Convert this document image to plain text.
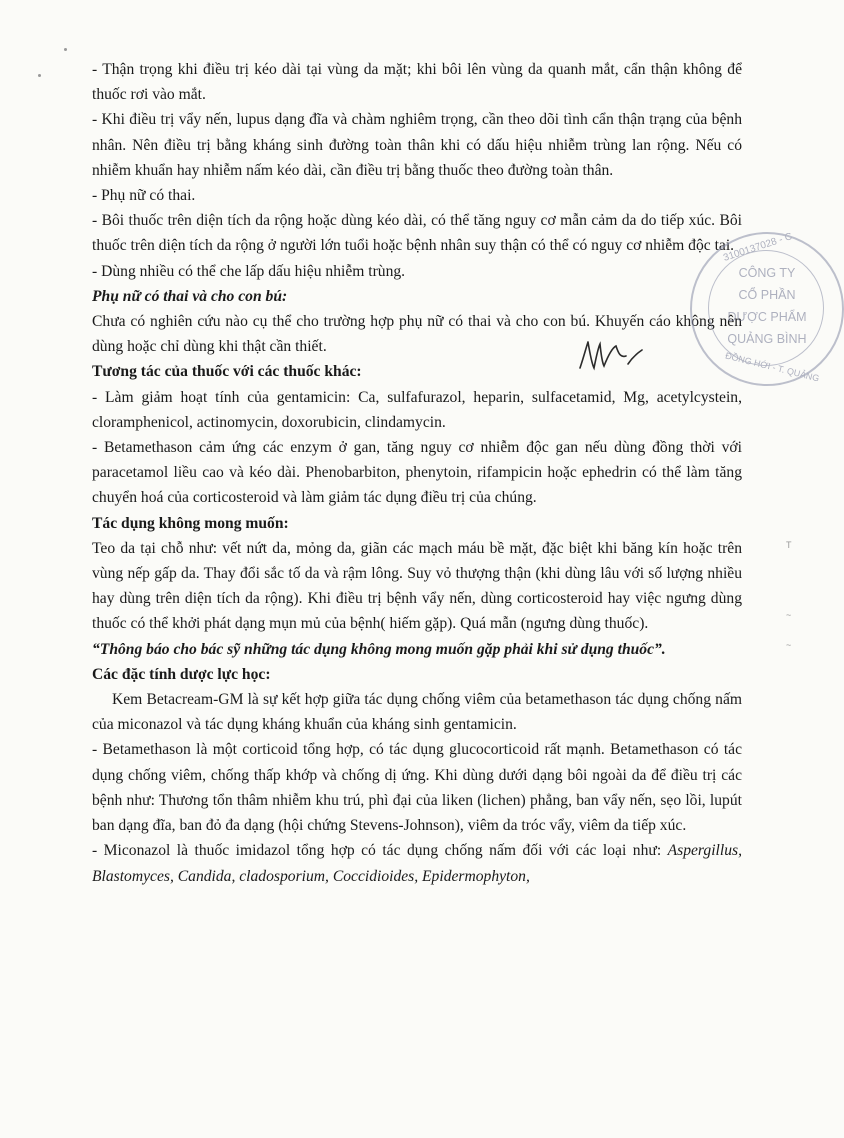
- Thận trọng khi điều trị kéo dài tại vùng da mặt; khi bôi lên vùng da quanh mắt, cẩn thận không để thuốc rơi vào mắt.

- Khi điều trị vẩy nến, lupus dạng đĩa và chàm nghiêm trọng, cần theo dõi tình cẩn thận trạng của bệnh nhân. Nên điều trị bằng kháng sinh đường toàn thân khi có dấu hiệu nhiễm trùng lan rộng. Nếu có nhiễm khuẩn hay nhiễm nấm kéo dài, cần điều trị bằng thuốc theo đường toàn thân.

- Phụ nữ có thai.

- Bôi thuốc trên diện tích da rộng hoặc dùng kéo dài, có thể tăng nguy cơ mẫn cảm da do tiếp xúc. Bôi thuốc trên diện tích da rộng ở người lớn tuổi hoặc bệnh nhân suy thận có thể có nguy cơ nhiễm độc tai.

- Dùng nhiều có thể che lấp dấu hiệu nhiễm trùng.

Phụ nữ có thai và cho con bú:

Chưa có nghiên cứu nào cụ thể cho trường hợp phụ nữ có thai và cho con bú. Khuyến cáo không nên dùng hoặc chỉ dùng khi thật cần thiết.

Tương tác của thuốc với các thuốc khác:

- Làm giảm hoạt tính của gentamicin: Ca, sulfafurazol, heparin, sulfacetamid, Mg, acetylcystein, cloramphenicol, actinomycin, doxorubicin, clindamycin.

- Betamethason cảm ứng các enzym ở gan, tăng nguy cơ nhiễm độc gan nếu dùng đồng thời với paracetamol liều cao và kéo dài. Phenobarbiton, phenytoin, rifampicin hoặc ephedrin có thể làm tăng chuyển hoá của corticosteroid và làm giảm tác dụng điều trị của chúng.

Tác dụng không mong muốn:

Teo da tại chỗ như: vết nứt da, mỏng da, giãn các mạch máu bề mặt, đặc biệt khi băng kín hoặc trên vùng nếp gấp da. Thay đổi sắc tố da và rậm lông. Suy vỏ thượng thận (khi dùng lâu với số lượng nhiều hay dùng trên diện tích da rộng). Khi điều trị bệnh vẩy nến, dùng corticosteroid hay việc ngưng dùng thuốc có thể khởi phát dạng mụn mủ của bệnh( hiếm gặp). Quá mẫn (ngưng dùng thuốc).

“Thông báo cho bác sỹ những tác dụng không mong muốn gặp phải khi sử dụng thuốc”.

Các đặc tính dược lực học:

Kem Betacream-GM là sự kết hợp giữa tác dụng chống viêm của betamethason tác dụng chống nấm của miconazol và tác dụng kháng khuẩn của kháng sinh gentamicin.

- Betamethason là một corticoid tổng hợp, có tác dụng glucocorticoid rất mạnh. Betamethason có tác dụng chống viêm, chống thấp khớp và chống dị ứng. Khi dùng dưới dạng bôi ngoài da để điều trị các bệnh như: Thương tổn thâm nhiễm khu trú, phì đại của liken (lichen) phẳng, ban vẩy nến, sẹo lồi, lupút ban dạng đĩa, ban đỏ đa dạng (hội chứng Stevens-Johnson), viêm da tróc vẩy, viêm da tiếp xúc.

- Miconazol là thuốc imidazol tổng hợp có tác dụng chống nấm đối với các loại như: Aspergillus, Blastomyces, Candida, cladosporium, Coccidioides, Epidermophyton,

3100137028 - C
CÔNG TY
CỔ PHẦN
DƯỢC PHẨM
QUẢNG BÌNH
ĐỒNG HỚI - T. QUẢNG
T
~
~
